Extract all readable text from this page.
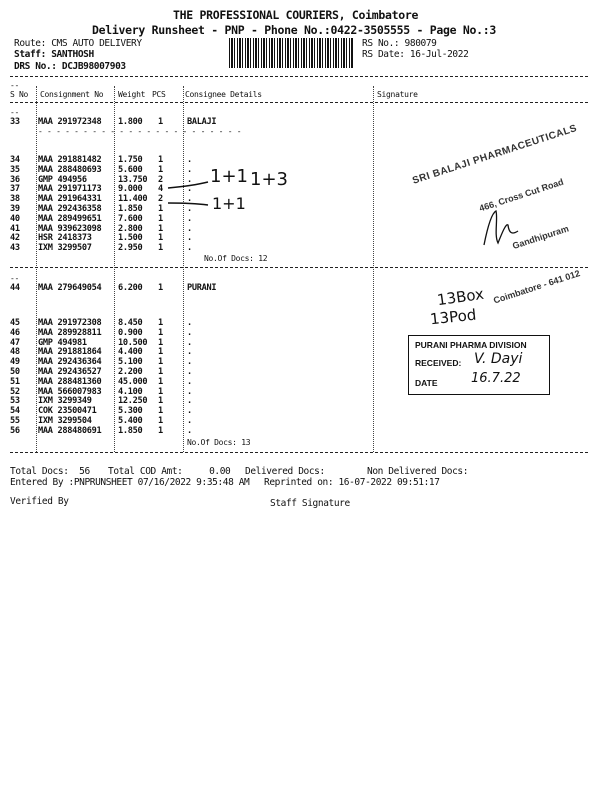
THE PROFESSIONAL COURIERS, Coimbatore
Delivery Runsheet - PNP - Phone No.:0422-3505555 - Page No.:3
Route: CMS AUTO DELIVERY
Staff: SANTHOSH
DRS No.: DCJB98007903
RS No.: 980079
RS Date: 16-Jul-2022
--
S No Consignment No Weight PCS Consignee Details	Signature
--
33 MAA 291972348 1.800 1	BALAJI
- - - - - - - - - - - - - - - - - - - - - - -
34 MAA 291881482 1.750 1	.
35 MAA 288480693 5.600 1	.
36 GMP 494956	13.750 2	.
37 MAA 291971173 9.000 4	.
38 MAA 291964331 11.400 2	.
39 MAA 292436358 1.850 1	.
40 MAA 289499651 7.600 1	.
41 MAA 939623098 2.800 1	.
42 HSR 2418373	1.500 1	.
43 IXM 3299507	2.950 1	.
No.Of Docs: 12
--
44 MAA 279649054 6.200 1	PURANI
45 MAA 291972308 8.450 1	.
46 MAA 289928811 0.900 1	.
47 GMP 494981	10.500 1	.
48 MAA 291881864 4.400 1	.
49 MAA 292436364 5.100 1	.
50 MAA 292436527 2.200 1	.
51 MAA 288481360 45.000 1	.
52 MAA 566007983 4.100 1	.
53 IXM 3299349	12.250 1	.
54 COK 23500471	5.300 1	.
55 IXM 3299504	5.400 1	.
56 MAA 288480691 1.850 1	.
No.Of Docs: 13
1+1 1+3
1+1

SRI BALAJI PHARMACEUTICALS

466, Cross Cut Road

Gandhipuram

Coimbatore - 641 012

13Box
13Pod
PURANI PHARMA DIVISION
RECEIVED:
DATE
V. Dayi
16.7.22
Total Docs:  56 Total COD Amt:     0.00 Delivered Docs:	Non Delivered Docs:
Entered By :PNPRUNSHEET 07/16/2022 9:35:48 AM Reprinted on: 16-07-2022 09:51:17
Verified By	Staff Signature
